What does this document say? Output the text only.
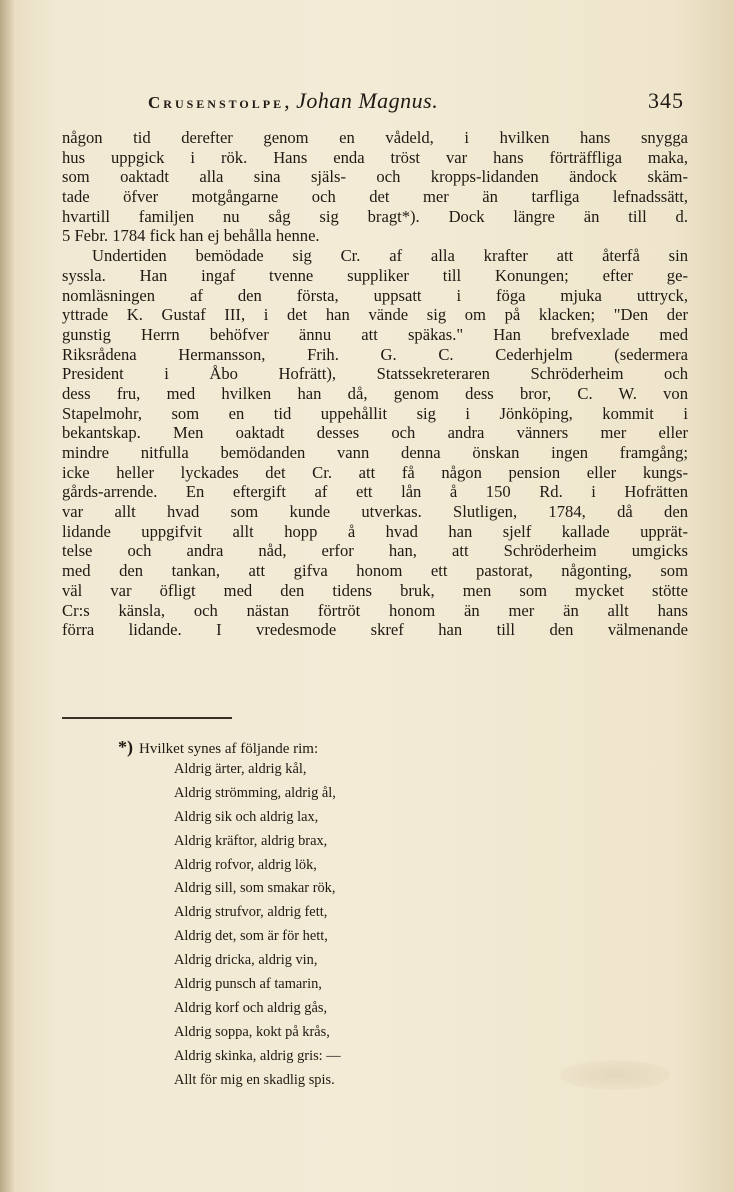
Crusenstolpe, Johan Magnus.	345
någon tid derefter genom en vådeld, i hvilken hans snygga
hus uppgick i rök. Hans enda tröst var hans förträffliga maka,
som oaktadt alla sina själs- och kropps-lidanden ändock skäm-
tade öfver motgångarne och det mer än tarfliga lefnadssätt,
hvartill familjen nu såg sig bragt*). Dock längre än till d.
5 Febr. 1784 fick han ej behålla henne.
Undertiden bemödade sig Cr. af alla krafter att återfå sin
syssla. Han ingaf tvenne suppliker till Konungen; efter ge-
nomläsningen af den första, uppsatt i föga mjuka uttryck,
yttrade K. Gustaf III, i det han vände sig om på klacken; "Den der
gunstig Herrn behöfver ännu att späkas." Han brefvexlade med
Riksrådena Hermansson, Frih. G. C. Cederhjelm (sedermera
President i Åbo Hofrätt), Statssekreteraren Schröderheim och
dess fru, med hvilken han då, genom dess bror, C. W. von
Stapelmohr, som en tid uppehållit sig i Jönköping, kommit i
bekantskap. Men oaktadt desses och andra vänners mer eller
mindre nitfulla bemödanden vann denna önskan ingen framgång;
icke heller lyckades det Cr. att få någon pension eller kungs-
gårds-arrende. En eftergift af ett lån å 150 Rd. i Hofrätten
var allt hvad som kunde utverkas. Slutligen, 1784, då den
lidande uppgifvit allt hopp å hvad han sjelf kallade upprät-
telse och andra nåd, erfor han, att Schröderheim umgicks
med den tankan, att gifva honom ett pastorat, någonting, som
väl var öfligt med den tidens bruk, men som mycket stötte
Cr:s känsla, och nästan förtröt honom än mer än allt hans
förra lidande. I vredesmode skref han till den välmenande
*) Hvilket synes af följande rim:
Aldrig ärter, aldrig kål,
Aldrig strömming, aldrig ål,
Aldrig sik och aldrig lax,
Aldrig kräftor, aldrig brax,
Aldrig rofvor, aldrig lök,
Aldrig sill, som smakar rök,
Aldrig strufvor, aldrig fett,
Aldrig det, som är för hett,
Aldrig dricka, aldrig vin,
Aldrig punsch af tamarin,
Aldrig korf och aldrig gås,
Aldrig soppa, kokt på krås,
Aldrig skinka, aldrig gris: —
Allt för mig en skadlig spis.
